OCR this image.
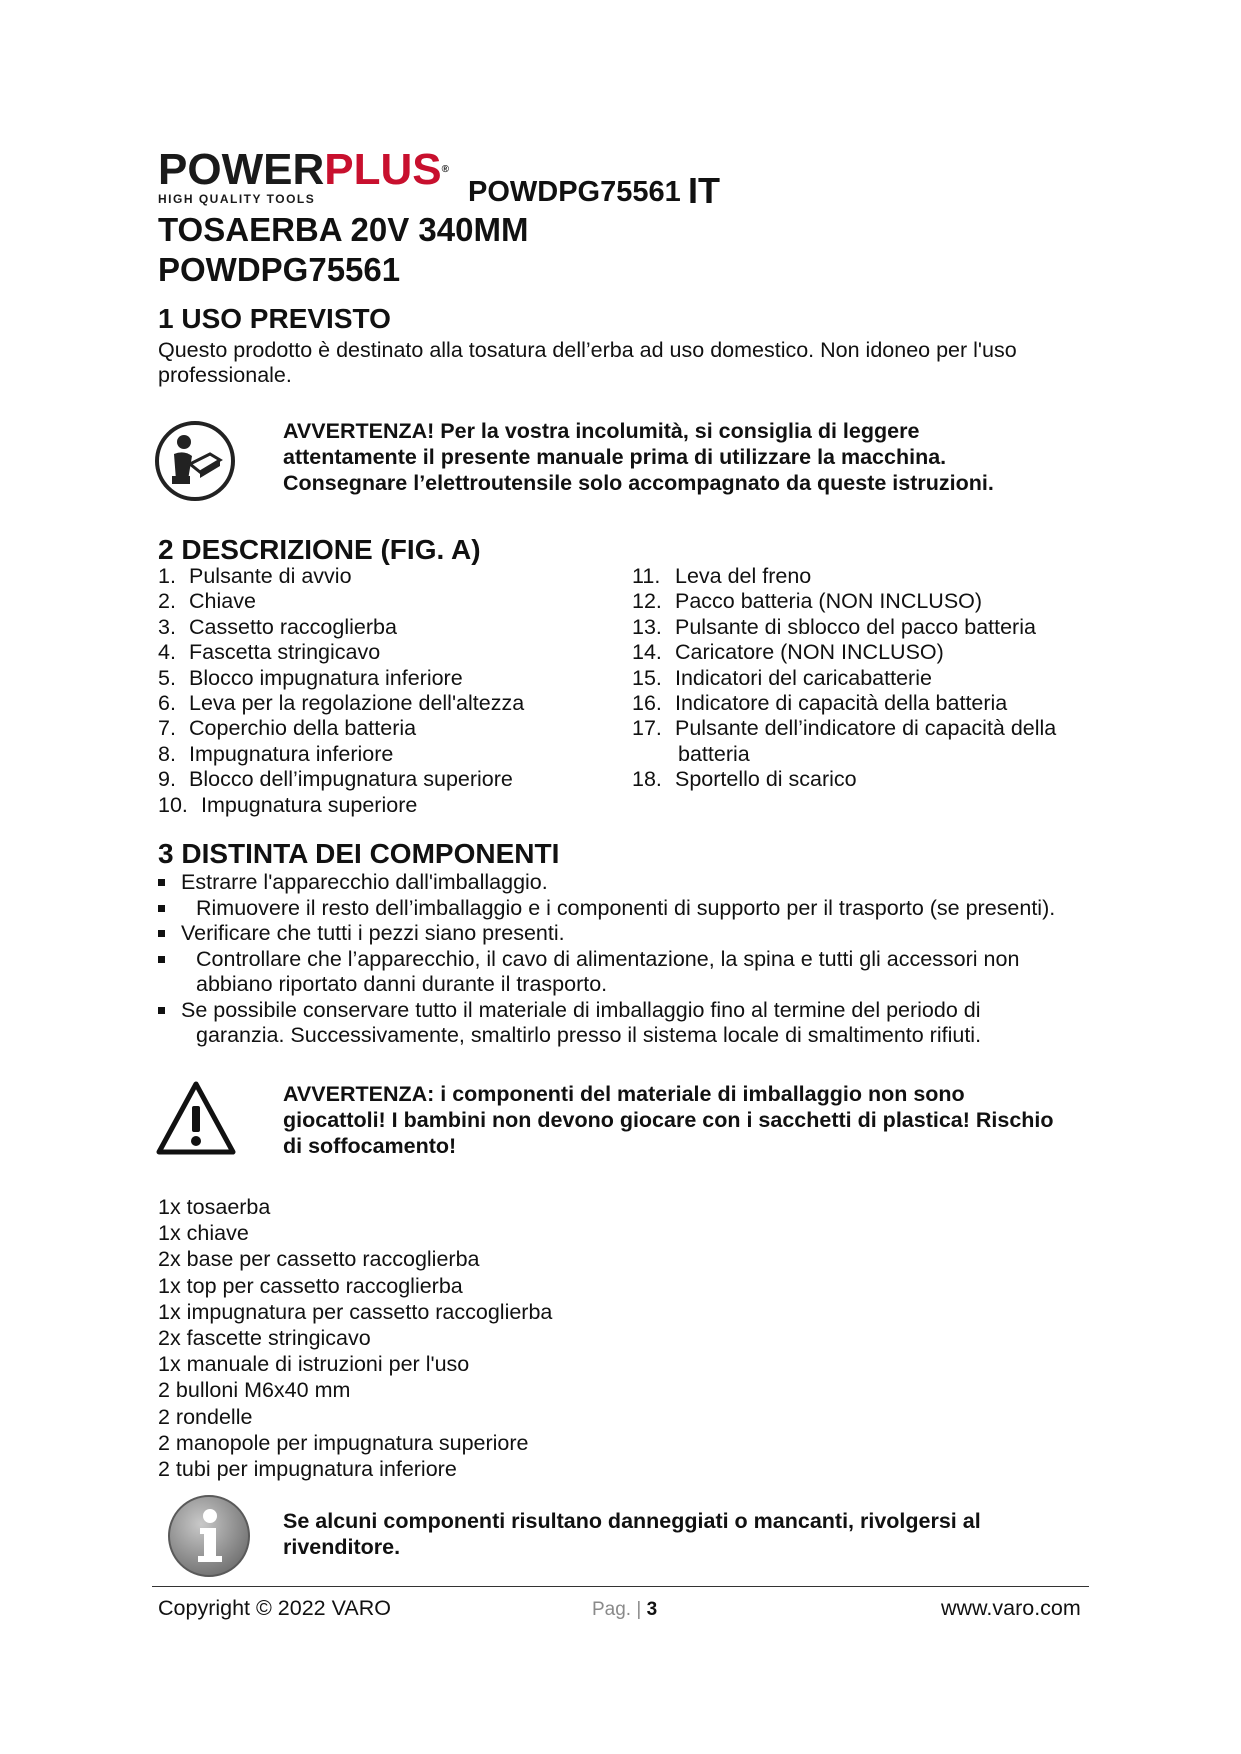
POWERPLUS®
HIGH QUALITY TOOLS	POWDPG75561 IT
TOSAERBA 20V 340MM
POWDPG75561
1 USO PREVISTO
Questo prodotto è destinato alla tosatura dell’erba ad uso domestico. Non idoneo per l'uso
professionale.
AVVERTENZA! Per la vostra incolumità, si consiglia di leggere
attentamente il presente manuale prima di utilizzare la macchina.
Consegnare l’elettroutensile solo accompagnato da queste istruzioni.
2 DESCRIZIONE (FIG. A)
1. Pulsante di avvio
2. Chiave
3. Cassetto raccoglierba
4. Fascetta stringicavo
5. Blocco impugnatura inferiore
6. Leva per la regolazione dell'altezza
7. Coperchio della batteria
8. Impugnatura inferiore
9. Blocco dell’impugnatura superiore
10. Impugnatura superiore
11. Leva del freno
12. Pacco batteria (NON INCLUSO)
13. Pulsante di sblocco del pacco batteria
14. Caricatore (NON INCLUSO)
15. Indicatori del caricabatterie
16. Indicatore di capacità della batteria
17. Pulsante dell’indicatore di capacità della
batteria
18. Sportello di scarico
3 DISTINTA DEI COMPONENTI
Estrarre l'apparecchio dall'imballaggio.
Rimuovere il resto dell’imballaggio e i componenti di supporto per il trasporto (se presenti).
Verificare che tutti i pezzi siano presenti.
Controllare che l’apparecchio, il cavo di alimentazione, la spina e tutti gli accessori non
abbiano riportato danni durante il trasporto.
Se possibile conservare tutto il materiale di imballaggio fino al termine del periodo di
garanzia. Successivamente, smaltirlo presso il sistema locale di smaltimento rifiuti.
AVVERTENZA: i componenti del materiale di imballaggio non sono
giocattoli! I bambini non devono giocare con i sacchetti di plastica! Rischio
di soffocamento!
1x tosaerba
1x chiave
2x base per cassetto raccoglierba
1x top per cassetto raccoglierba
1x impugnatura per cassetto raccoglierba
2x fascette stringicavo
1x manuale di istruzioni per l'uso
2 bulloni M6x40 mm
2 rondelle
2 manopole per impugnatura superiore
2 tubi per impugnatura inferiore
Se alcuni componenti risultano danneggiati o mancanti, rivolgersi al
rivenditore.
Copyright © 2022 VARO	Pag. | 3	www.varo.com
